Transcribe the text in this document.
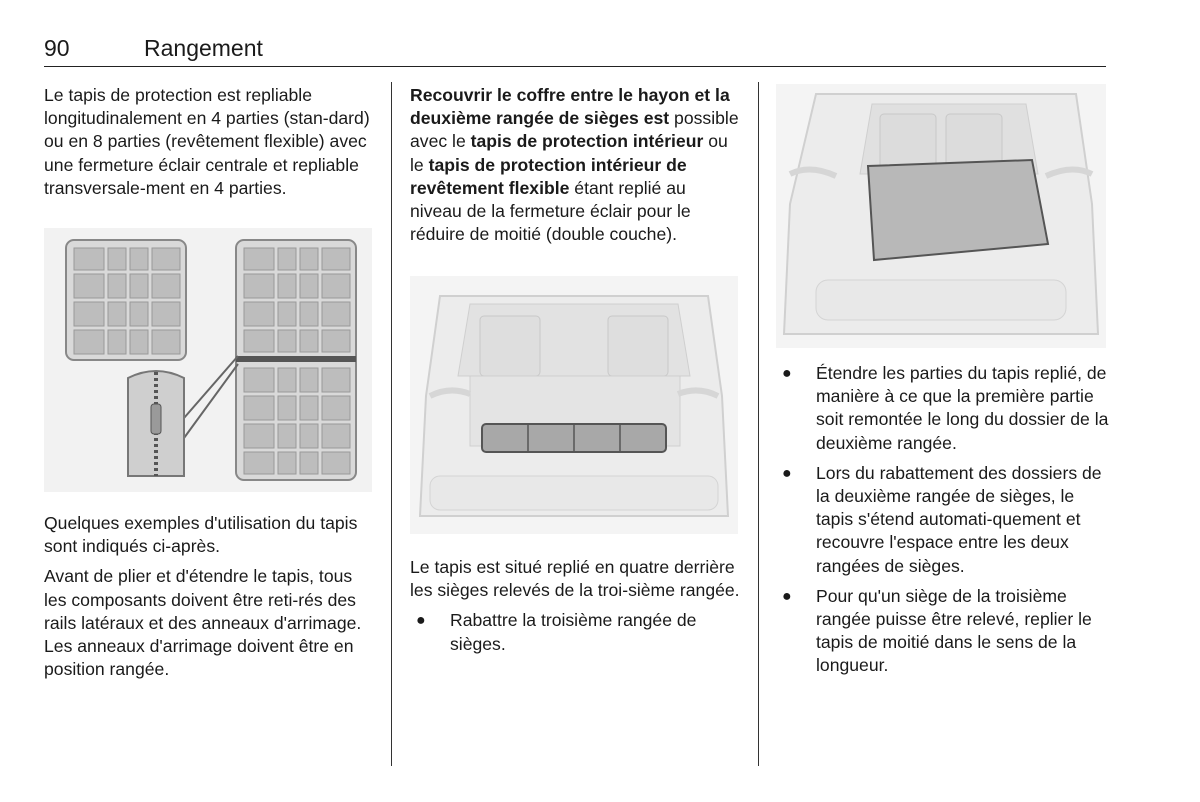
90	Rangement

Le tapis de protection est repliable longitudinalement en 4 parties (stan-dard) ou en 8 parties (revêtement flexible) avec une fermeture éclair centrale et repliable transversale-ment en 4 parties.

Quelques exemples d'utilisation du tapis sont indiqués ci-après.

Avant de plier et d'étendre le tapis, tous les composants doivent être reti-rés des rails latéraux et des anneaux d'arrimage. Les anneaux d'arrimage doivent être en position rangée.

Recouvrir le coffre entre le hayon et la deuxième rangée de sièges est possible avec le tapis de protection intérieur ou le tapis de protection intérieur de revêtement flexible étant replié au niveau de la fermeture éclair pour le réduire de moitié (double couche).

Le tapis est situé replié en quatre derrière les sièges relevés de la troi-sième rangée.

● Rabattre la troisième rangée de sièges.
● Étendre les parties du tapis replié, de manière à ce que la première partie soit remontée le long du dossier de la deuxième rangée.
● Lors du rabattement des dossiers de la deuxième rangée de sièges, le tapis s'étend automati-quement et recouvre l'espace entre les deux rangées de sièges.
● Pour qu'un siège de la troisième rangée puisse être relevé, replier le tapis de moitié dans le sens de la longueur.
